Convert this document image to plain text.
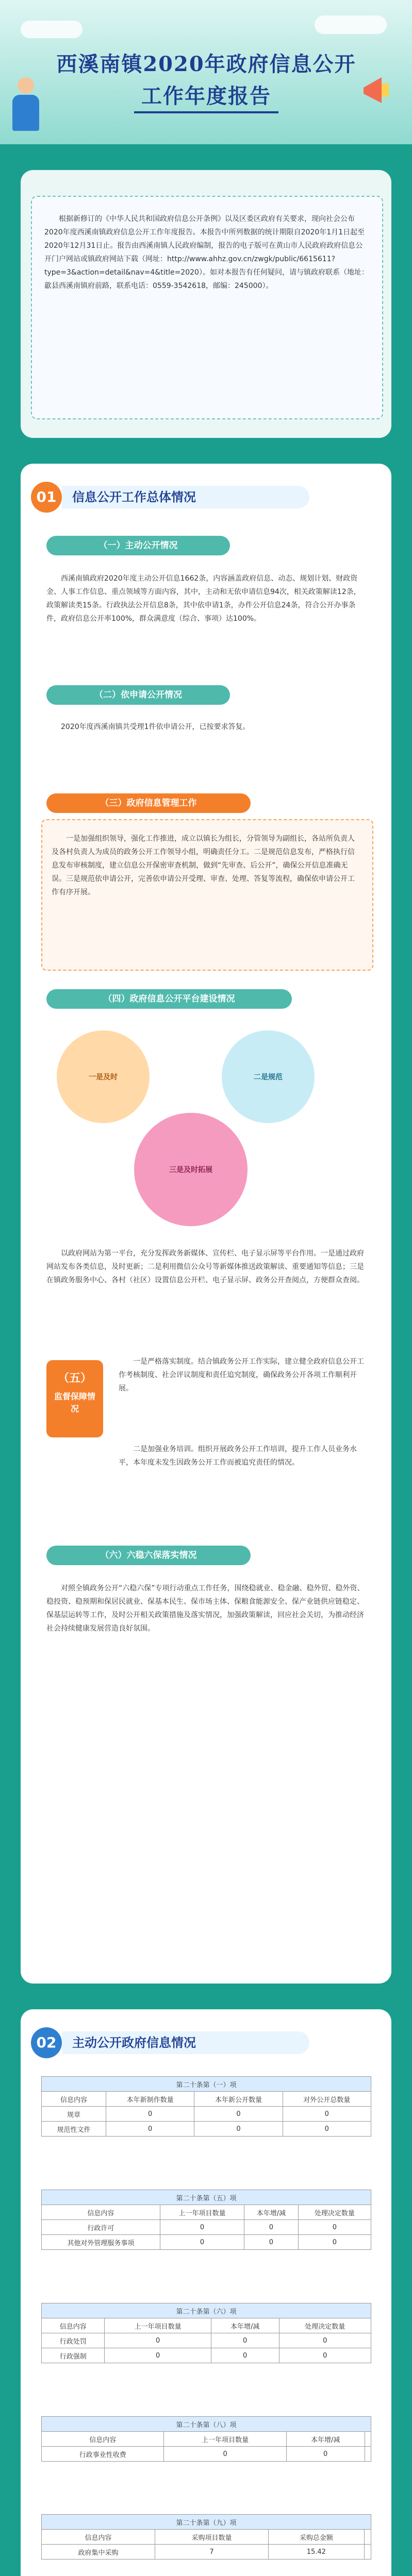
西溪南镇2020年政府信息公开
工作年度报告

根据新修订的《中华人民共和国政府信息公开条例》以及区委区政府有关要求，现向社会公布2020年度西溪南镇政府信息公开工作年度报告。本报告中所列数据的统计期限自2020年1月1日起至2020年12月31日止。报告由西溪南镇人民政府编制，报告的电子版可在黄山市人民政府政府信息公开门户网站或镇政府网站下载（网址：http://www.ahhz.gov.cn/zwgk/public/6615611?type=3&action=detail&nav=4&title=2020）。如对本报告有任何疑问，请与镇政府联系（地址：歙县西溪南镇府前路，联系电话：0559-3542618，邮编：245000）。

01	信息公开工作总体情况
（一）主动公开情况

西溪南镇政府2020年度主动公开信息1662条，内容涵盖政府信息、动态、规划计划、财政资金、人事工作信息、重点领域等方面内容，其中，主动和无依申请信息94次，相关政策解读12条，政策解读类15条。行政执法公开信息8条，其中依申请1条，办件公开信息24条，符合公开办事条件，政府信息公开率100%，群众满意度（综合、事项）达100%。

（二）依申请公开情况

2020年度西溪南镇共受理1件依申请公开，已按要求答复。

（三）政府信息管理工作

一是加强组织领导，强化工作推进，成立以镇长为组长，分管领导为副组长，各站所负责人及各村负责人为成员的政务公开工作领导小组，明确责任分工。二是规范信息发布，严格执行信息发布审核制度，建立信息公开保密审查机制，做到“先审查、后公开”，确保公开信息准确无误。三是规范依申请公开，完善依申请公开受理、审查、处理、答复等流程，确保依申请公开工作有序开展。

（四）政府信息公开平台建设情况
一是及时	二是规范
三是及时拓展

以政府网站为第一平台，充分发挥政务新媒体、宣传栏、电子显示屏等平台作用。一是通过政府网站发布各类信息，及时更新；二是利用微信公众号等新媒体推送政策解读、重要通知等信息；三是在镇政务服务中心、各村（社区）设置信息公开栏、电子显示屏、政务公开查阅点，方便群众查阅。

（五）
监督保障情况

一是严格落实制度。结合镇政务公开工作实际，建立健全政府信息公开工作考核制度、社会评议制度和责任追究制度，确保政务公开各项工作顺利开展。

二是加强业务培训。组织开展政务公开工作培训，提升工作人员业务水平，本年度未发生因政务公开工作而被追究责任的情况。

（六）六稳六保落实情况

对照全镇政务公开“六稳六保”专项行动重点工作任务，围绕稳就业、稳金融、稳外贸、稳外资、稳投资、稳预期和保居民就业、保基本民生、保市场主体、保粮食能源安全、保产业链供应链稳定、保基层运转等工作，及时公开相关政策措施及落实情况，加强政策解读，回应社会关切，为推动经济社会持续健康发展营造良好氛围。

02	主动公开政府信息情况
第二十条第（一）项			
信息内容	本年新制作数量	本年新公开数量	对外公开总数量
规章	0	0	0
规范性文件	0	0	0
第二十条第（五）项			
信息内容	上一年项目数量	本年增/减	处理决定数量
行政许可	0	0	0
其他对外管理服务事项	0	0	0
第二十条第（六）项			
信息内容	上一年项目数量	本年增/减	处理决定数量
行政处罚	0	0	0
行政强制	0	0	0
第二十条第（八）项			
信息内容	上一年项目数量	本年增/减	
行政事业性收费	0	0	
第二十条第（九）项			
信息内容	采购项目数量	采购总金额	
政府集中采购	7	15.42	
